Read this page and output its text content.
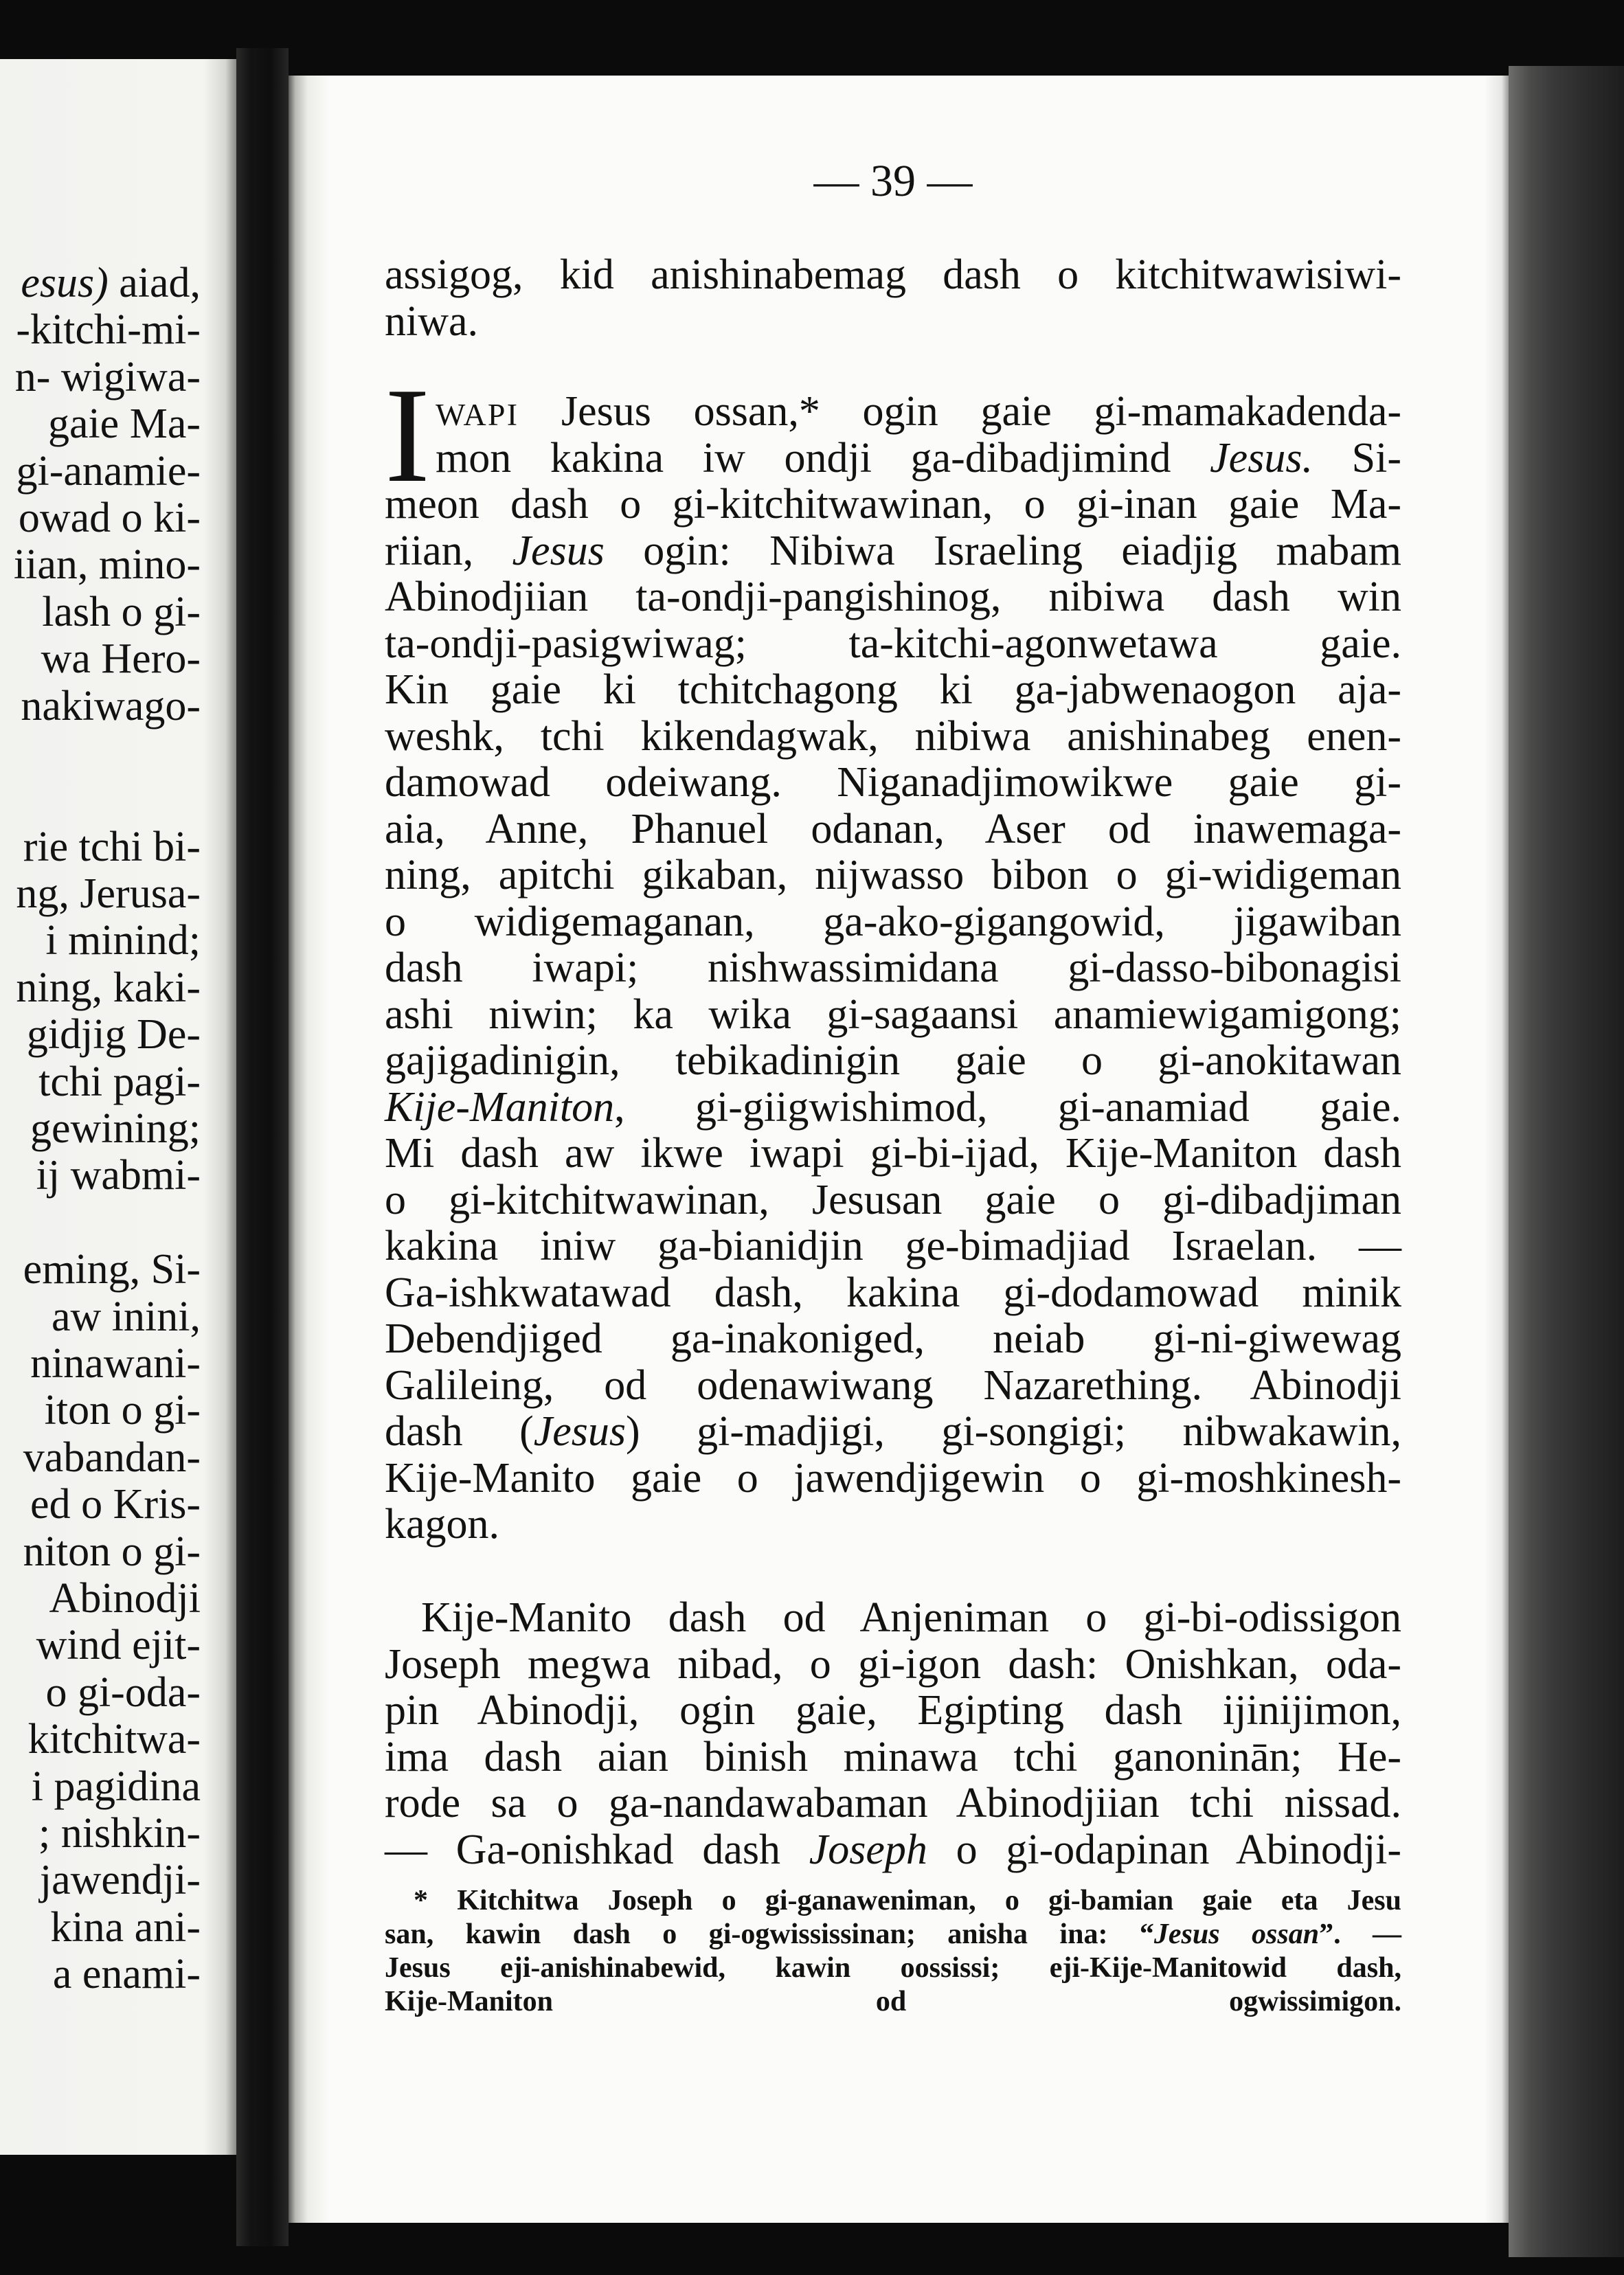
esus) aiad,
-kitchi-mi-
n- wigiwa-
gaie Ma-
gi-anamie-
owad o ki-
iian, mino-
lash o gi-
wa Hero-
nakiwago-
rie tchi bi-
ng, Jerusa-
i minind;
ning, kaki-
gidjig De-
tchi pagi-
gewining;
ij wabmi-
eming, Si-
aw inini,
ninawani-
iton o gi-
vabandan-
ed o Kris-
niton o gi-
Abinodji
wind ejit-
o gi-oda-
kitchitwa-
i pagidina
; nishkin-
jawendji-
kina ani-
a enami-
— 39 —
assigog, kid anishinabemag dash o kitchitwawisiwi-
niwa.
I WAPI Jesus ossan,* ogin gaie gi-mamakadenda-
mon kakina iw ondji ga-dibadjimind Jesus. Si-
meon dash o gi-kitchitwawinan, o gi-inan gaie Ma-
riian, Jesus ogin: Nibiwa Israeling eiadjig mabam
Abinodjiian ta-ondji-pangishinog, nibiwa dash win
ta-ondji-pasigwiwag; ta-kitchi-agonwetawa gaie.
Kin gaie ki tchitchagong ki ga-jabwenaogon aja-
weshk, tchi kikendagwak, nibiwa anishinabeg enen-
damowad odeiwang. Niganadjimowikwe gaie gi-
aia, Anne, Phanuel odanan, Aser od inawemaga-
ning, apitchi gikaban, nijwasso bibon o gi-widigeman
o widigemaganan, ga-ako-gigangowid, jigawiban
dash iwapi; nishwassimidana gi-dasso-bibonagisi
ashi niwin; ka wika gi-sagaansi anamiewigamigong;
gajigadinigin, tebikadinigin gaie o gi-anokitawan
Kije-Maniton, gi-giigwishimod, gi-anamiad gaie.
Mi dash aw ikwe iwapi gi-bi-ijad, Kije-Maniton dash
o gi-kitchitwawinan, Jesusan gaie o gi-dibadjiman
kakina iniw ga-bianidjin ge-bimadjiad Israelan. —
Ga-ishkwatawad dash, kakina gi-dodamowad minik
Debendjiged ga-inakoniged, neiab gi-ni-giwewag
Galileing, od odenawiwang Nazarething. Abinodji
dash (Jesus) gi-madjigi, gi-songigi; nibwakawin,
Kije-Manito gaie o jawendjigewin o gi-moshkinesh-
kagon.
Kije-Manito dash od Anjeniman o gi-bi-odissigon
Joseph megwa nibad, o gi-igon dash: Onishkan, oda-
pin Abinodji, ogin gaie, Egipting dash ijinijimon,
ima dash aian binish minawa tchi ganoninān; He-
rode sa o ga-nandawabaman Abinodjiian tchi nissad.
— Ga-onishkad dash Joseph o gi-odapinan Abinodji-
* Kitchitwa Joseph o gi-ganaweniman, o gi-bamian gaie eta Jesu
san, kawin dash o gi-ogwississinan; anisha ina: “Jesus ossan”. —
Jesus eji-anishinabewid, kawin oossissi; eji-Kije-Manitowid dash,
Kije-Maniton od ogwissimigon.
